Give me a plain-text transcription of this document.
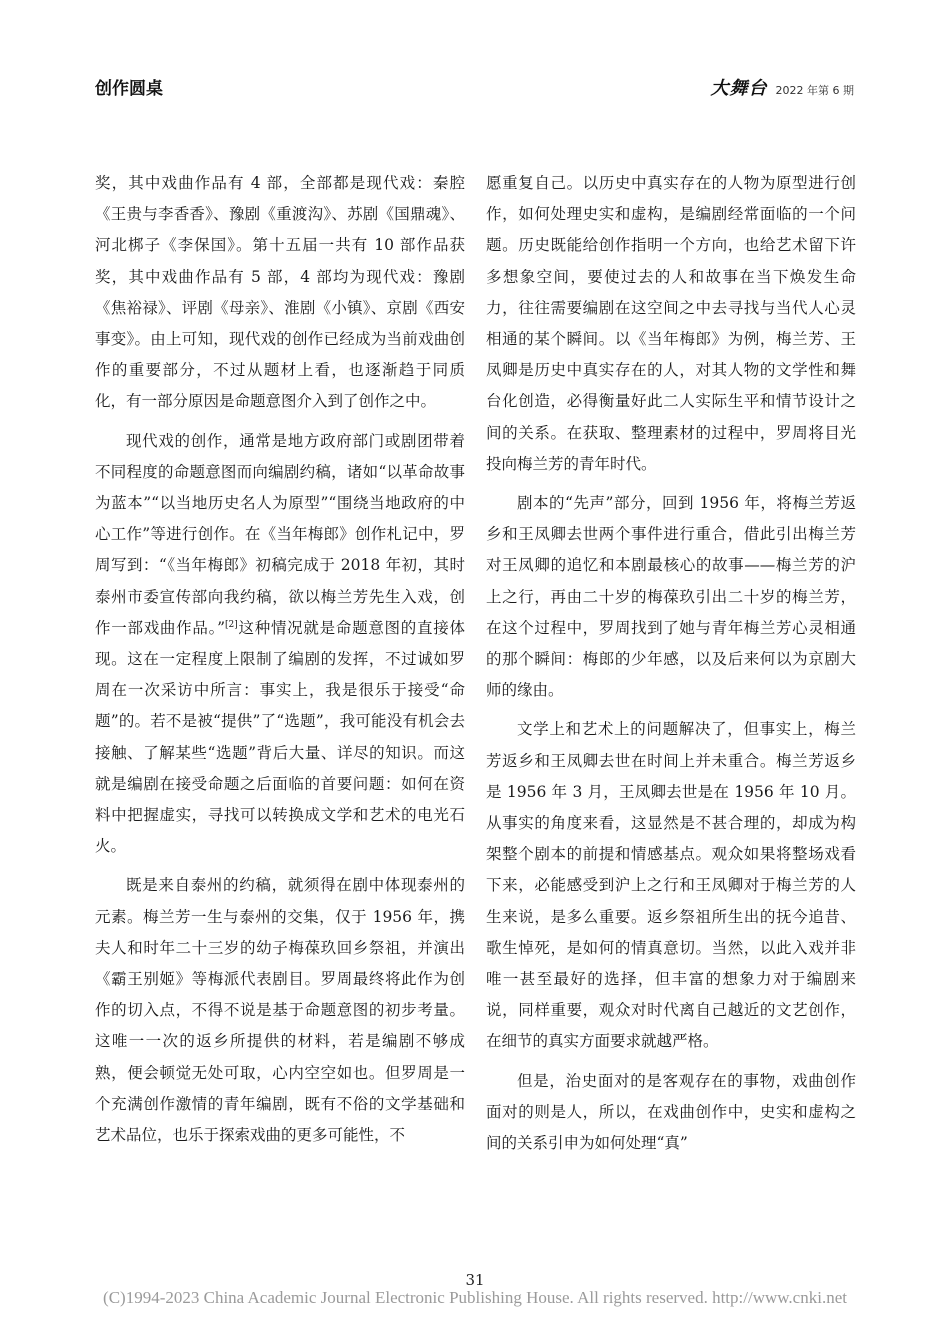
创作圆桌	大舞台 2022 年第 6 期

奖，其中戏曲作品有 4 部，全部都是现代戏：秦腔《王贵与李香香》、豫剧《重渡沟》、苏剧《国鼎魂》、河北梆子《李保国》。第十五届一共有 10 部作品获奖，其中戏曲作品有 5 部，4 部均为现代戏：豫剧《焦裕禄》、评剧《母亲》、淮剧《小镇》、京剧《西安事变》。由上可知，现代戏的创作已经成为当前戏曲创作的重要部分，不过从题材上看，也逐渐趋于同质化，有一部分原因是命题意图介入到了创作之中。

现代戏的创作，通常是地方政府部门或剧团带着不同程度的命题意图而向编剧约稿，诸如“以革命故事为蓝本”“以当地历史名人为原型”“围绕当地政府的中心工作”等进行创作。在《当年梅郎》创作札记中，罗周写到：“《当年梅郎》初稿完成于 2018 年初，其时泰州市委宣传部向我约稿，欲以梅兰芳先生入戏，创作一部戏曲作品。”[2]这种情况就是命题意图的直接体现。这在一定程度上限制了编剧的发挥，不过诚如罗周在一次采访中所言：事实上，我是很乐于接受“命题”的。若不是被“提供”了“选题”，我可能没有机会去接触、了解某些“选题”背后大量、详尽的知识。而这就是编剧在接受命题之后面临的首要问题：如何在资料中把握虚实，寻找可以转换成文学和艺术的电光石火。

既是来自泰州的约稿，就须得在剧中体现泰州的元素。梅兰芳一生与泰州的交集，仅于 1956 年，携夫人和时年二十三岁的幼子梅葆玖回乡祭祖，并演出《霸王别姬》等梅派代表剧目。罗周最终将此作为创作的切入点，不得不说是基于命题意图的初步考量。这唯一一次的返乡所提供的材料，若是编剧不够成熟，便会顿觉无处可取，心内空空如也。但罗周是一个充满创作激情的青年编剧，既有不俗的文学基础和艺术品位，也乐于探索戏曲的更多可能性，不

愿重复自己。以历史中真实存在的人物为原型进行创作，如何处理史实和虚构，是编剧经常面临的一个问题。历史既能给创作指明一个方向，也给艺术留下许多想象空间，要使过去的人和故事在当下焕发生命力，往往需要编剧在这空间之中去寻找与当代人心灵相通的某个瞬间。以《当年梅郎》为例，梅兰芳、王凤卿是历史中真实存在的人，对其人物的文学性和舞台化创造，必得衡量好此二人实际生平和情节设计之间的关系。在获取、整理素材的过程中，罗周将目光投向梅兰芳的青年时代。

剧本的“先声”部分，回到 1956 年，将梅兰芳返乡和王凤卿去世两个事件进行重合，借此引出梅兰芳对王凤卿的追忆和本剧最核心的故事——梅兰芳的沪上之行，再由二十岁的梅葆玖引出二十岁的梅兰芳，在这个过程中，罗周找到了她与青年梅兰芳心灵相通的那个瞬间：梅郎的少年感，以及后来何以为京剧大师的缘由。

文学上和艺术上的问题解决了，但事实上，梅兰芳返乡和王凤卿去世在时间上并未重合。梅兰芳返乡是 1956 年 3 月，王凤卿去世是在 1956 年 10 月。从事实的角度来看，这显然是不甚合理的，却成为构架整个剧本的前提和情感基点。观众如果将整场戏看下来，必能感受到沪上之行和王凤卿对于梅兰芳的人生来说，是多么重要。返乡祭祖所生出的抚今追昔、歌生悼死，是如何的情真意切。当然，以此入戏并非唯一甚至最好的选择，但丰富的想象力对于编剧来说，同样重要，观众对时代离自己越近的文艺创作，在细节的真实方面要求就越严格。

但是，治史面对的是客观存在的事物，戏曲创作面对的则是人，所以，在戏曲创作中，史实和虚构之间的关系引申为如何处理“真”

31
(C)1994-2023 China Academic Journal Electronic Publishing House. All rights reserved. http://www.cnki.net
